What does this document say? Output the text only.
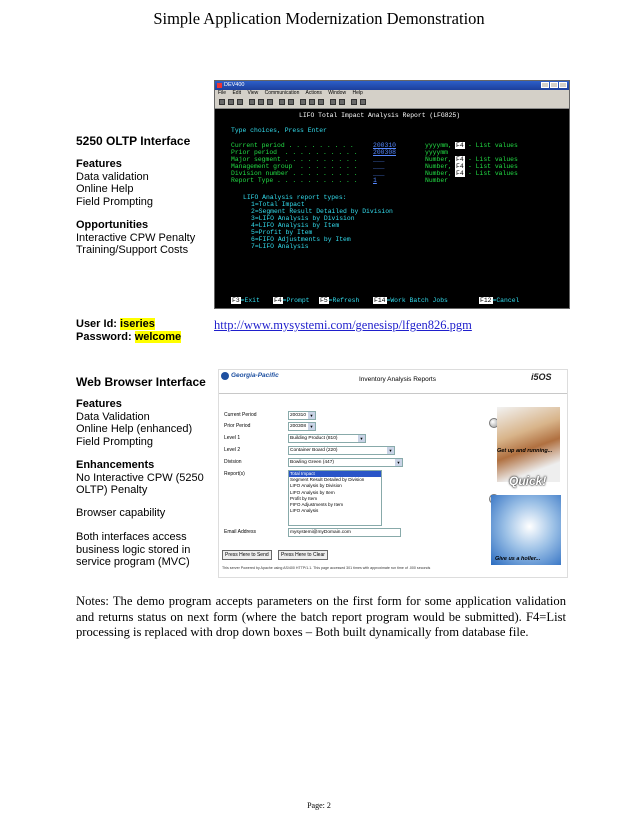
Simple Application Modernization Demonstration
5250 OLTP Interface
Features
Data validation
Online Help
Field Prompting
Opportunities
Interactive CPW Penalty
Training/Support Costs
DEV400
File Edit View Communication Actions Window Help
LIFO Total Impact Analysis Report (LFG825)
Type choices, Press Enter
Current period . . . . . . . . .	200310	yyyymm, F4 - List values
Prior period  . . . . . . . . . . 200308	yyyymm
Major segment . . . . . . . . . . ___	Number, F4 - List values
Management group  . . . . . . . . ___	Number, F4 - List values
Division number . . . . . . . . . ___	Number, F4 - List values
Report Type . . . . . . . . . . . 1	Number
LIFO Analysis report types:
1=Total Impact
2=Segment Result Detailed by Division
3=LIFO Analysis by Division
4=LIFO Analysis by Item
5=Profit by Item
6=FIFO Adjustments by Item
7=LIFO Analysis
F3=Exit F4=Prompt F5=Refresh F14=Work Batch Jobs	F12=Cancel
User Id: iseries
Password: welcome
http://www.mysystemi.com/genesisp/lfgen826.pgm
Web Browser Interface
Features
Data Validation
Online Help (enhanced)
Field Prompting
Enhancements
No Interactive CPW (5250
OLTP) Penalty
Browser capability
Both interfaces access
business logic stored in
service program (MVC)
Georgia-Pacific
Inventory Analysis Reports	i5OS
Current Period	200310 ▼
Prior Period	200308 ▼
Level 1	Building Product (810)	▼
Level 2	Container Board (220)	▼
Division	Bowling Green (447)	▼
Report(s)	Total Impact
Segment Result Detailed by Division
LIFO Analysis by Division
LIFO Analysis by Item
Profit by Item
FIFO Adjustments by Item
LIFO Analysis
Email Address	mysystemi@myDomain.com
Press Here to Send	Press Here to Clear
This server Powered by Apache using AS/400 HTTP/1.1. This page accessed 301 times with approximate run time of .000 seconds
Get up and running...
Quick!
Give us a holler...
Notes: The demo program accepts parameters on the first form for some application validation and returns status on next form (where the batch report program would be submitted). F4=List processing is replaced with drop down boxes – Both built dynamically from database file.
Page: 2
